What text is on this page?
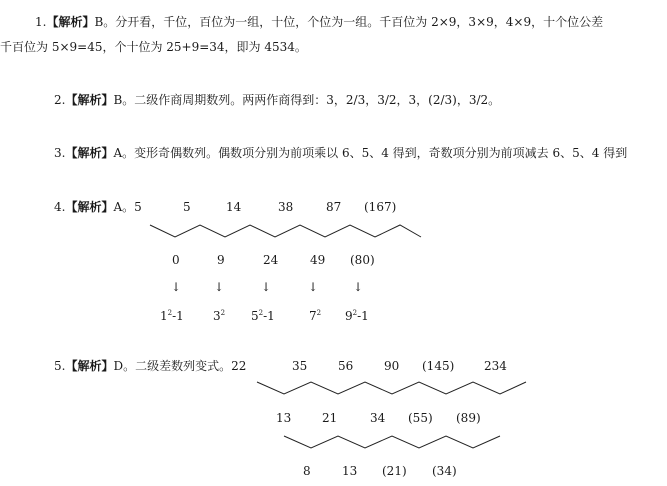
1.【解析】B。分开看，千位，百位为一组，十位，个位为一组。千百位为 2×9，3×9，4×9，十个位公差
千百位为 5×9=45，个十位为 25+9=34，即为 4534。
2.【解析】B。二级作商周期数列。两两作商得到：3，2/3，3/2，3，(2/3)，3/2。
3.【解析】A。变形奇偶数列。偶数项分别为前项乘以 6、5、4 得到，奇数项分别为前项减去 6、5、4 得到
4.【解析】A。5	5	14	38	87 (167)
0	9	24	49 (80)
↓	↓	↓	↓	↓
$1^2-1$ $3^2$ $5^2-1$	$7^2$ $9^2-1$
5.【解析】D。二级差数列变式。22	35	56	90 (145) 234
13	21	34 (55) (89)
8	13 (21) (34)
